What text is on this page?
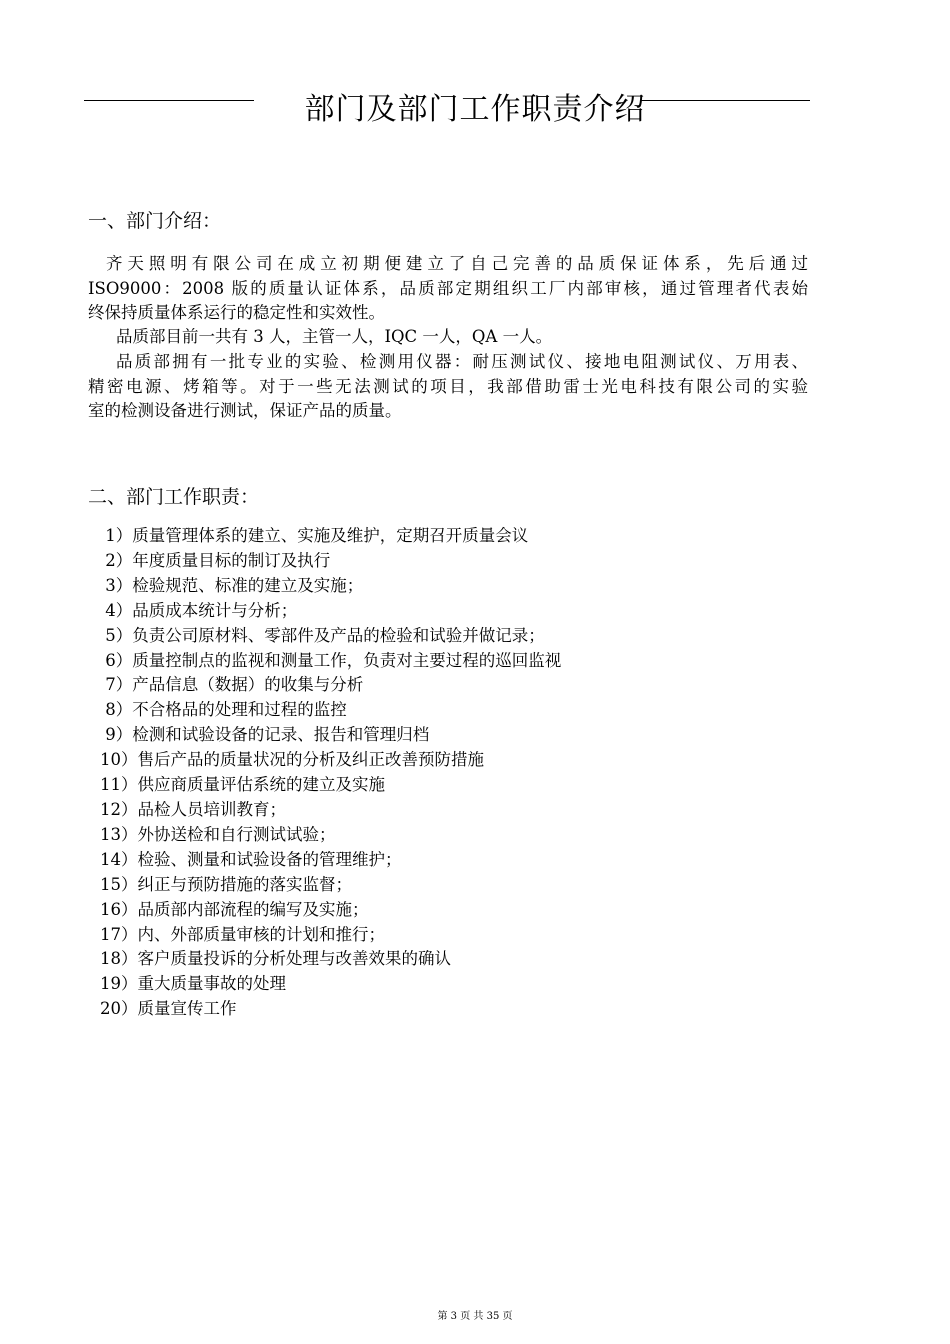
部门及部门工作职责介绍
一、部门介绍：
齐天照明有限公司在成立初期便建立了自己完善的品质保证体系，先后通过
ISO9000：2008 版的质量认证体系，品质部定期组织工厂内部审核，通过管理者代表始
终保持质量体系运行的稳定性和实效性。
品质部目前一共有 3 人，主管一人，IQC 一人，QA 一人。
品质部拥有一批专业的实验、检测用仪器：耐压测试仪、接地电阻测试仪、万用表、
精密电源、烤箱等。对于一些无法测试的项目，我部借助雷士光电科技有限公司的实验
室的检测设备进行测试，保证产品的质量。
二、部门工作职责：
1）质量管理体系的建立、实施及维护，定期召开质量会议
2）年度质量目标的制订及执行
3）检验规范、标准的建立及实施；
4）品质成本统计与分析；
5）负责公司原材料、零部件及产品的检验和试验并做记录；
6）质量控制点的监视和测量工作，负责对主要过程的巡回监视
7）产品信息（数据）的收集与分析
8）不合格品的处理和过程的监控
9）检测和试验设备的记录、报告和管理归档
10）售后产品的质量状况的分析及纠正改善预防措施
11）供应商质量评估系统的建立及实施
12）品检人员培训教育；
13）外协送检和自行测试试验；
14）检验、测量和试验设备的管理维护；
15）纠正与预防措施的落实监督；
16）品质部内部流程的编写及实施；
17）内、外部质量审核的计划和推行；
18）客户质量投诉的分析处理与改善效果的确认
19）重大质量事故的处理
20）质量宣传工作
第 3 页 共 35 页
